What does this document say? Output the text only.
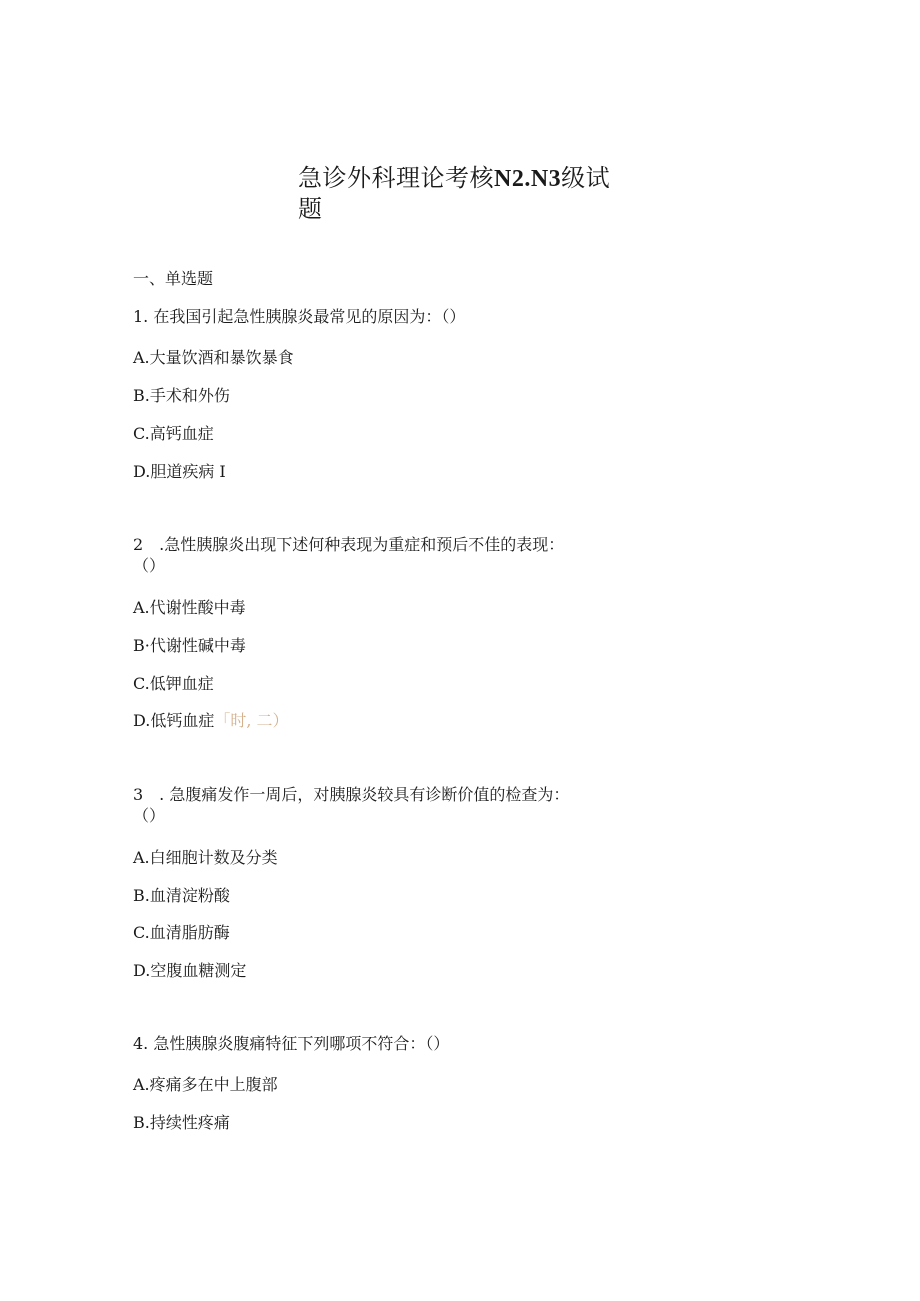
急诊外科理论考核N2.N3级试
题
一、单选题
1. 在我国引起急性胰腺炎最常见的原因为：（）
A.大量饮酒和暴饮暴食
B.手术和外伤
C.高钙血症
D.胆道疾病 I
2　.急性胰腺炎出现下述何种表现为重症和预后不佳的表现：
（）
A.代谢性酸中毒
B·代谢性碱中毒
C.低钾血症
D.低钙血症「时, 二）
3　. 急腹痛发作一周后，对胰腺炎较具有诊断价值的检查为：
（）
A.白细胞计数及分类
B.血清淀粉酸
C.血清脂肪酶
D.空腹血糖测定
4. 急性胰腺炎腹痛特征下列哪项不符合：（）
A.疼痛多在中上腹部
B.持续性疼痛
